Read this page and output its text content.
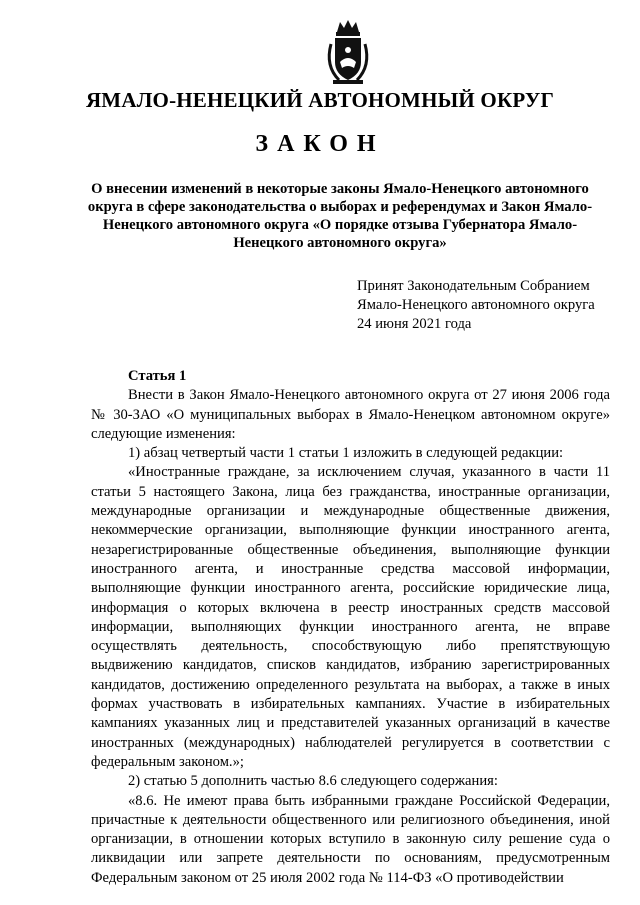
ЯМАЛО-НЕНЕЦКИЙ АВТОНОМНЫЙ ОКРУГ
ЗАКОН
О внесении изменений в некоторые законы Ямало-Ненецкого автономного округа в сфере законодательства о выборах и референдумах и Закон Ямало-Ненецкого автономного округа «О порядке отзыва Губернатора Ямало-Ненецкого автономного округа»
Принят Законодательным Собранием
Ямало-Ненецкого автономного округа
24 июня 2021 года
Статья 1

Внести в Закон Ямало-Ненецкого автономного округа от 27 июня 2006 года № 30-ЗАО «О муниципальных выборах в Ямало-Ненецком автономном округе» следующие изменения:

1) абзац четвертый части 1 статьи 1 изложить в следующей редакции:

«Иностранные граждане, за исключением случая, указанного в части 11 статьи 5 настоящего Закона, лица без гражданства, иностранные организации, международные организации и международные общественные движения, некоммерческие организации, выполняющие функции иностранного агента, незарегистрированные общественные объединения, выполняющие функции иностранного агента, и иностранные средства массовой информации, выполняющие функции иностранного агента, российские юридические лица, информация о которых включена в реестр иностранных средств массовой информации, выполняющих функции иностранного агента, не вправе осуществлять деятельность, способствующую либо препятствующую выдвижению кандидатов, списков кандидатов, избранию зарегистрированных кандидатов, достижению определенного результата на выборах, а также в иных формах участвовать в избирательных кампаниях. Участие в избирательных кампаниях указанных лиц и представителей указанных организаций в качестве иностранных (международных) наблюдателей регулируется в соответствии с федеральным законом.»;

2) статью 5 дополнить частью 8.6 следующего содержания:

«8.6. Не имеют права быть избранными граждане Российской Федерации, причастные к деятельности общественного или религиозного объединения, иной организации, в отношении которых вступило в законную силу решение суда о ликвидации или запрете деятельности по основаниям, предусмотренным Федеральным законом от 25 июля 2002 года № 114-ФЗ «О противодействии
